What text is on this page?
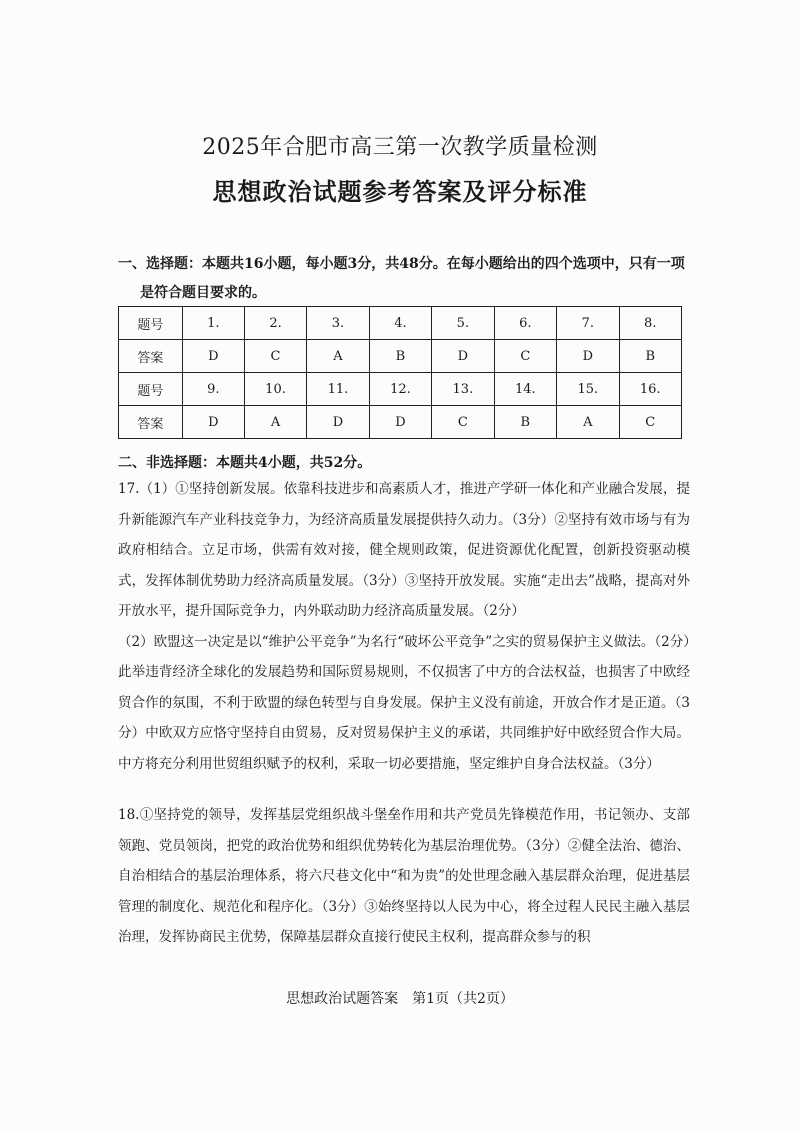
2025年合肥市高三第一次教学质量检测
思想政治试题参考答案及评分标准
一、选择题：本题共16小题，每小题3分，共48分。在每小题给出的四个选项中，只有一项
是符合题目要求的。
题号	1.	2.	3.	4.	5.	6.	7.	8.
答案	D	C	A	B	D	C	D	B
题号	9.	10.	11.	12.	13.	14.	15.	16.
答案	D	A	D	D	C	B	A	C
二、非选择题：本题共4小题，共52分。

17.（1）①坚持创新发展。依靠科技进步和高素质人才，推进产学研一体化和产业融合发展，提升新能源汽车产业科技竞争力，为经济高质量发展提供持久动力。（3分）②坚持有效市场与有为政府相结合。立足市场，供需有效对接，健全规则政策，促进资源优化配置，创新投资驱动模式，发挥体制优势助力经济高质量发展。（3分）③坚持开放发展。实施“走出去”战略，提高对外开放水平，提升国际竞争力，内外联动助力经济高质量发展。（2分）

（2）欧盟这一决定是以“维护公平竞争”为名行“破坏公平竞争”之实的贸易保护主义做法。（2分）此举违背经济全球化的发展趋势和国际贸易规则，不仅损害了中方的合法权益，也损害了中欧经贸合作的氛围，不利于欧盟的绿色转型与自身发展。保护主义没有前途，开放合作才是正道。（3分）中欧双方应恪守坚持自由贸易，反对贸易保护主义的承诺，共同维护好中欧经贸合作大局。中方将充分利用世贸组织赋予的权利，采取一切必要措施，坚定维护自身合法权益。（3分）

18.①坚持党的领导，发挥基层党组织战斗堡垒作用和共产党员先锋模范作用，书记领办、支部领跑、党员领岗，把党的政治优势和组织优势转化为基层治理优势。（3分）②健全法治、德治、自治相结合的基层治理体系，将六尺巷文化中“和为贵”的处世理念融入基层群众治理，促进基层管理的制度化、规范化和程序化。（3分）③始终坚持以人民为中心，将全过程人民民主融入基层治理，发挥协商民主优势，保障基层群众直接行使民主权利，提高群众参与的积

思想政治试题答案　第1页（共2页）
